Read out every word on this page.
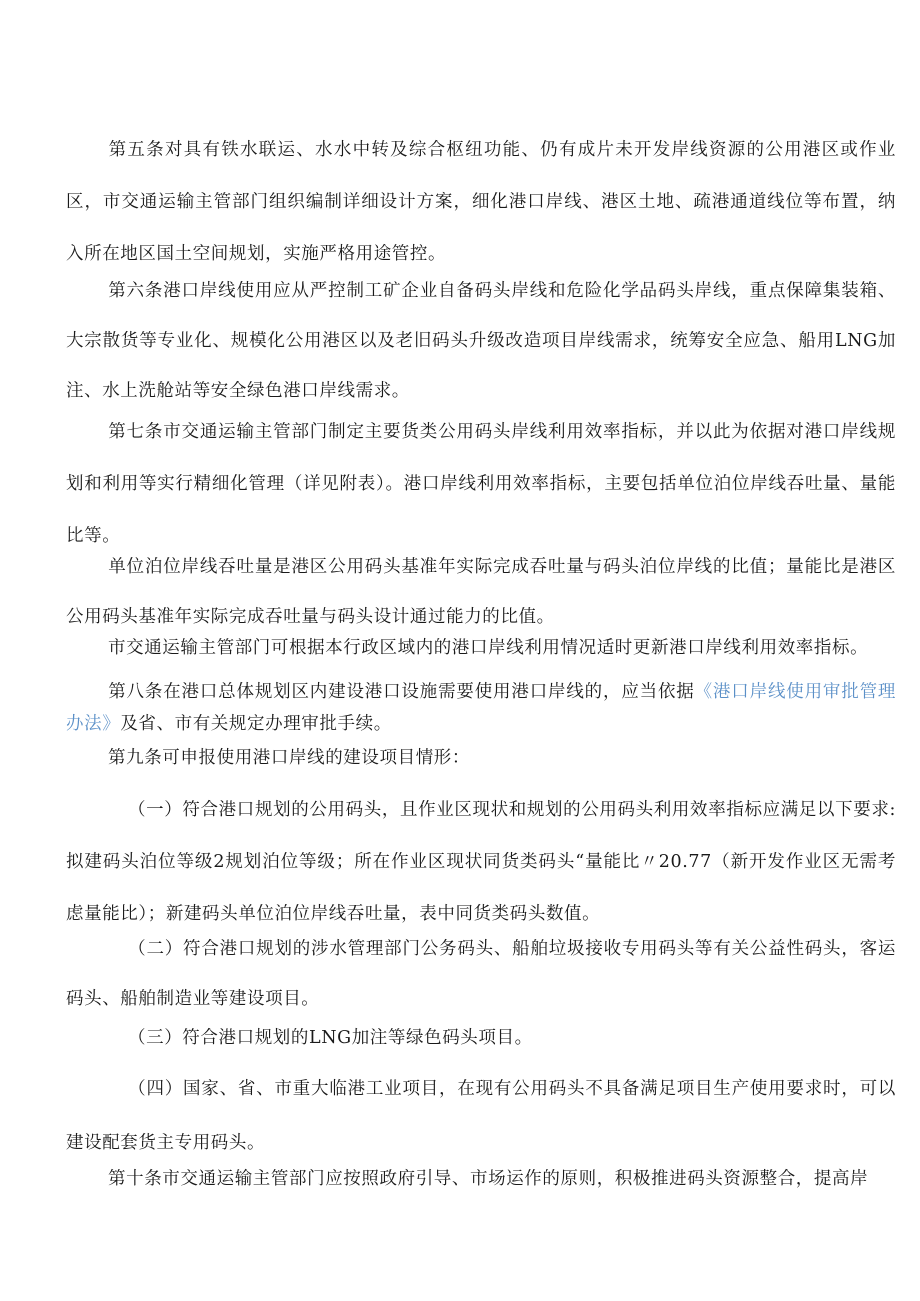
第五条对具有铁水联运、水水中转及综合枢纽功能、仍有成片未开发岸线资源的公用港区或作业区，市交通运输主管部门组织编制详细设计方案，细化港口岸线、港区土地、疏港通道线位等布置，纳入所在地区国土空间规划，实施严格用途管控。

第六条港口岸线使用应从严控制工矿企业自备码头岸线和危险化学品码头岸线，重点保障集装箱、大宗散货等专业化、规模化公用港区以及老旧码头升级改造项目岸线需求，统筹安全应急、船用LNG加注、水上洗舱站等安全绿色港口岸线需求。

第七条市交通运输主管部门制定主要货类公用码头岸线利用效率指标，并以此为依据对港口岸线规划和利用等实行精细化管理（详见附表）。港口岸线利用效率指标，主要包括单位泊位岸线吞吐量、量能比等。

单位泊位岸线吞吐量是港区公用码头基准年实际完成吞吐量与码头泊位岸线的比值；量能比是港区公用码头基准年实际完成吞吐量与码头设计通过能力的比值。

市交通运输主管部门可根据本行政区域内的港口岸线利用情况适时更新港口岸线利用效率指标。

第八条在港口总体规划区内建设港口设施需要使用港口岸线的，应当依据《港口岸线使用审批管理办法》及省、市有关规定办理审批手续。

第九条可申报使用港口岸线的建设项目情形：

（一）符合港口规划的公用码头，且作业区现状和规划的公用码头利用效率指标应满足以下要求:拟建码头泊位等级2规划泊位等级；所在作业区现状同货类码头“量能比〃20.77（新开发作业区无需考虑量能比）；新建码头单位泊位岸线吞吐量，表中同货类码头数值。

（二）符合港口规划的涉水管理部门公务码头、船舶垃圾接收专用码头等有关公益性码头，客运码头、船舶制造业等建设项目。

（三）符合港口规划的LNG加注等绿色码头项目。

（四）国家、省、市重大临港工业项目，在现有公用码头不具备满足项目生产使用要求时，可以建设配套货主专用码头。

第十条市交通运输主管部门应按照政府引导、市场运作的原则，积极推进码头资源整合，提高岸
